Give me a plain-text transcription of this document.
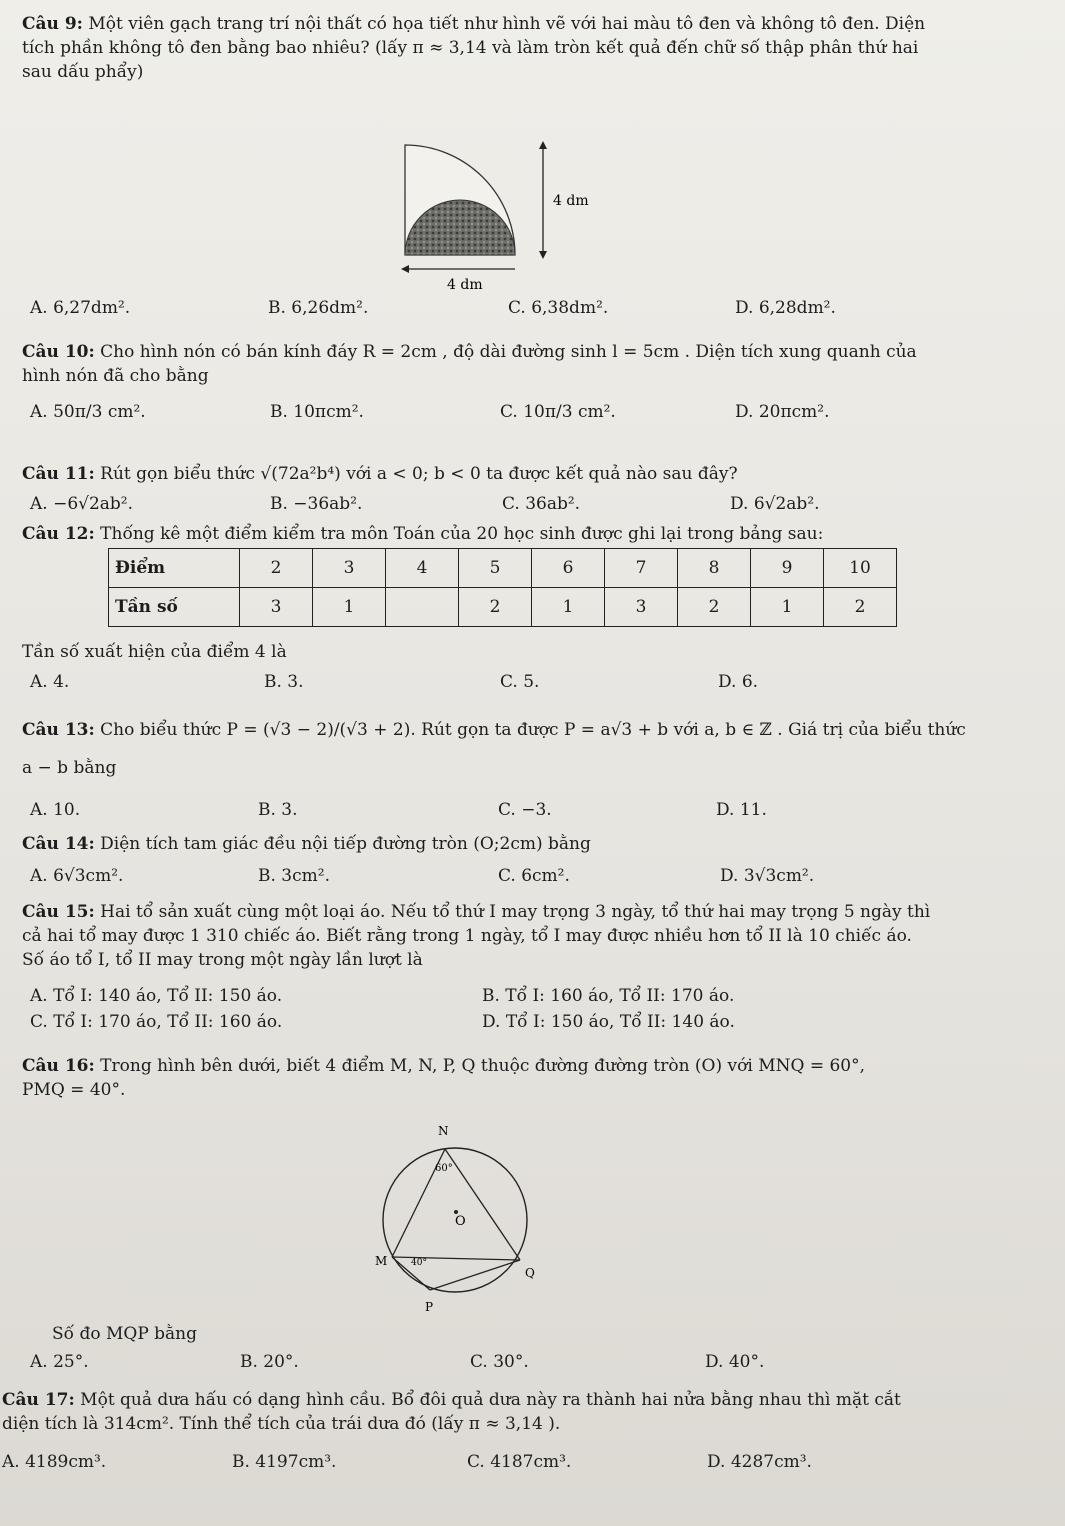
Câu 9: Một viên gạch trang trí nội thất có họa tiết như hình vẽ với hai màu tô đen và không tô đen. Diện
tích phần không tô đen bằng bao nhiêu? (lấy π ≈ 3,14 và làm tròn kết quả đến chữ số thập phân thứ hai
sau dấu phẩy)
4 dm
4 dm
A. 6,27dm².	B. 6,26dm².	C. 6,38dm².	D. 6,28dm².
Câu 10: Cho hình nón có bán kính đáy R = 2cm , độ dài đường sinh l = 5cm . Diện tích xung quanh của
hình nón đã cho bằng
A. 50π/3 cm².	B. 10πcm².	C. 10π/3 cm².	D. 20πcm².
Câu 11: Rút gọn biểu thức √(72a²b⁴) với a < 0; b < 0 ta được kết quả nào sau đây?
A. −6√2ab².	B. −36ab².	C. 36ab².	D. 6√2ab².
Câu 12: Thống kê một điểm kiểm tra môn Toán của 20 học sinh được ghi lại trong bảng sau:
Điểm	2	3	4	5	6	7	8	9	10
Tần số	3	1		2	1	3	2	1	2
Tần số xuất hiện của điểm 4 là
A. 4.	B. 3.	C. 5.	D. 6.
Câu 13: Cho biểu thức P = (√3 − 2)/(√3 + 2). Rút gọn ta được P = a√3 + b với a, b ∈ ℤ . Giá trị của biểu thức
a − b bằng
A. 10.	B. 3.	C. −3.	D. 11.
Câu 14: Diện tích tam giác đều nội tiếp đường tròn (O;2cm) bằng
A. 6√3cm².	B. 3cm².	C. 6cm².	D. 3√3cm².
Câu 15: Hai tổ sản xuất cùng một loại áo. Nếu tổ thứ I may trọng 3 ngày, tổ thứ hai may trọng 5 ngày thì
cả hai tổ may được 1 310 chiếc áo. Biết rằng trong 1 ngày, tổ I may được nhiều hơn tổ II là 10 chiếc áo.
Số áo tổ I, tổ II may trong một ngày lần lượt là
A. Tổ I: 140 áo, Tổ II: 150 áo.	B. Tổ I: 160 áo, Tổ II: 170 áo.
C. Tổ I: 170 áo, Tổ II: 160 áo.	D. Tổ I: 150 áo, Tổ II: 140 áo.
Câu 16: Trong hình bên dưới, biết 4 điểm M, N, P, Q thuộc đường đường tròn (O) với MNQ = 60°,
PMQ = 40°.
N
60°
O
M	40°
Q
P
Số đo MQP bằng
A. 25°.	B. 20°.	C. 30°.	D. 40°.
Câu 17: Một quả dưa hấu có dạng hình cầu. Bổ đôi quả dưa này ra thành hai nửa bằng nhau thì mặt cắt
diện tích là 314cm². Tính thể tích của trái dưa đó (lấy π ≈ 3,14 ).
A. 4189cm³.	B. 4197cm³.	C. 4187cm³.	D. 4287cm³.
